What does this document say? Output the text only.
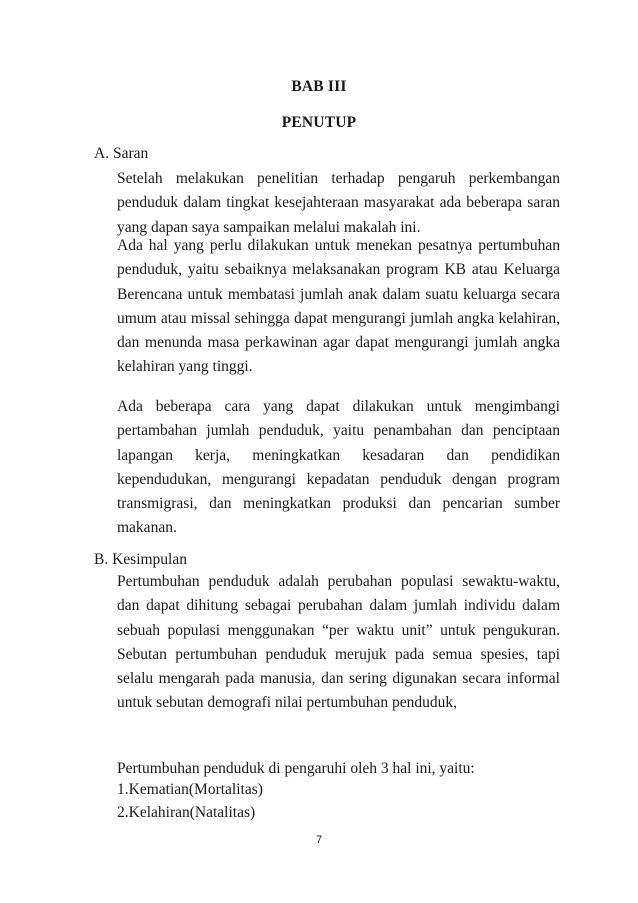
BAB III
PENUTUP
A. Saran

Setelah melakukan penelitian terhadap pengaruh perkembangan penduduk dalam tingkat kesejahteraan masyarakat ada beberapa saran yang dapan saya sampaikan melalui makalah ini.

Ada hal yang perlu dilakukan untuk menekan pesatnya pertumbuhan penduduk, yaitu sebaiknya melaksanakan program KB atau Keluarga Berencana untuk membatasi jumlah anak dalam suatu keluarga secara umum atau missal sehingga dapat mengurangi jumlah angka kelahiran, dan menunda masa perkawinan agar dapat mengurangi jumlah angka kelahiran yang tinggi.

Ada beberapa cara yang dapat dilakukan untuk mengimbangi pertambahan jumlah penduduk, yaitu penambahan dan penciptaan lapangan kerja, meningkatkan kesadaran dan pendidikan kependudukan, mengurangi kepadatan penduduk dengan program transmigrasi, dan meningkatkan produksi dan pencarian sumber makanan.

B. Kesimpulan

Pertumbuhan penduduk adalah perubahan populasi sewaktu-waktu, dan dapat dihitung sebagai perubahan dalam jumlah individu dalam sebuah populasi menggunakan “per waktu unit” untuk pengukuran. Sebutan pertumbuhan penduduk merujuk pada semua spesies, tapi selalu mengarah pada manusia, dan sering digunakan secara informal untuk sebutan demografi nilai pertumbuhan penduduk,

Pertumbuhan penduduk di pengaruhi oleh 3 hal ini, yaitu:

1.Kematian(Mortalitas)
2.Kelahiran(Natalitas)
7
